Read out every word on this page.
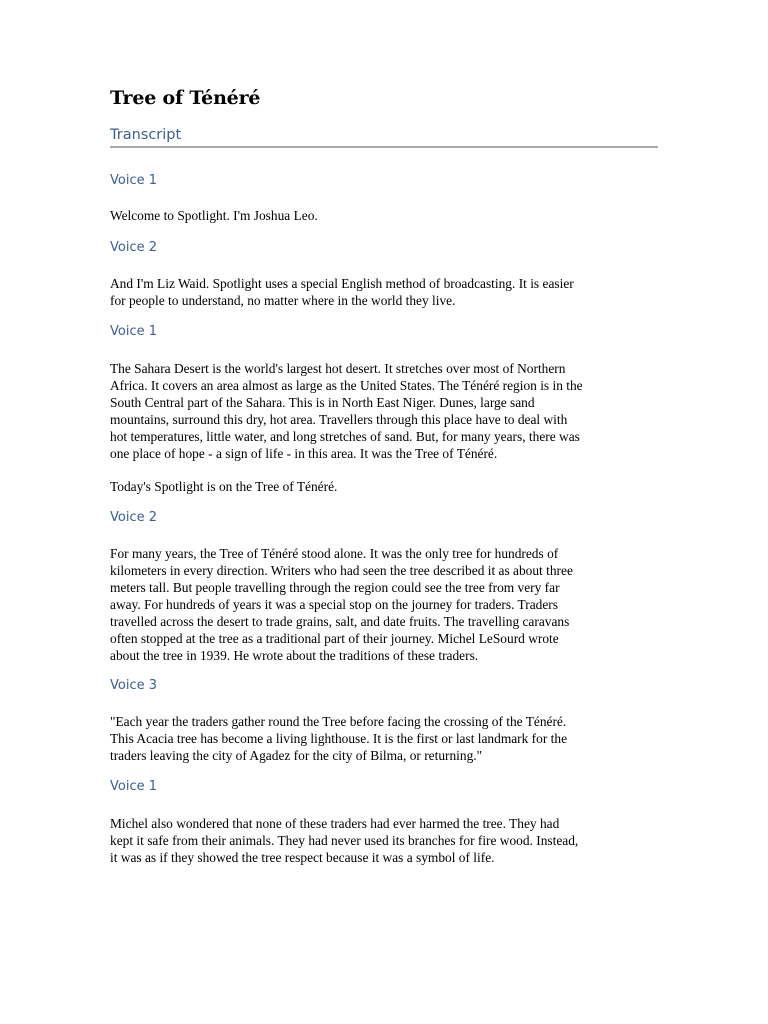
Tree of Ténéré
Transcript
Voice 1

Welcome to Spotlight. I'm Joshua Leo.

Voice 2

And I'm Liz Waid. Spotlight uses a special English method of broadcasting. It is easier
for people to understand, no matter where in the world they live.

Voice 1

The Sahara Desert is the world's largest hot desert. It stretches over most of Northern
Africa. It covers an area almost as large as the United States. The Ténéré region is in the
South Central part of the Sahara. This is in North East Niger. Dunes, large sand
mountains, surround this dry, hot area. Travellers through this place have to deal with
hot temperatures, little water, and long stretches of sand. But, for many years, there was
one place of hope - a sign of life - in this area. It was the Tree of Ténéré.

Today's Spotlight is on the Tree of Ténéré.

Voice 2

For many years, the Tree of Ténéré stood alone. It was the only tree for hundreds of
kilometers in every direction. Writers who had seen the tree described it as about three
meters tall. But people travelling through the region could see the tree from very far
away. For hundreds of years it was a special stop on the journey for traders. Traders
travelled across the desert to trade grains, salt, and date fruits. The travelling caravans
often stopped at the tree as a traditional part of their journey. Michel LeSourd wrote
about the tree in 1939. He wrote about the traditions of these traders.

Voice 3

"Each year the traders gather round the Tree before facing the crossing of the Ténéré.
This Acacia tree has become a living lighthouse. It is the first or last landmark for the
traders leaving the city of Agadez for the city of Bilma, or returning."

Voice 1

Michel also wondered that none of these traders had ever harmed the tree. They had
kept it safe from their animals. They had never used its branches for fire wood. Instead,
it was as if they showed the tree respect because it was a symbol of life.
